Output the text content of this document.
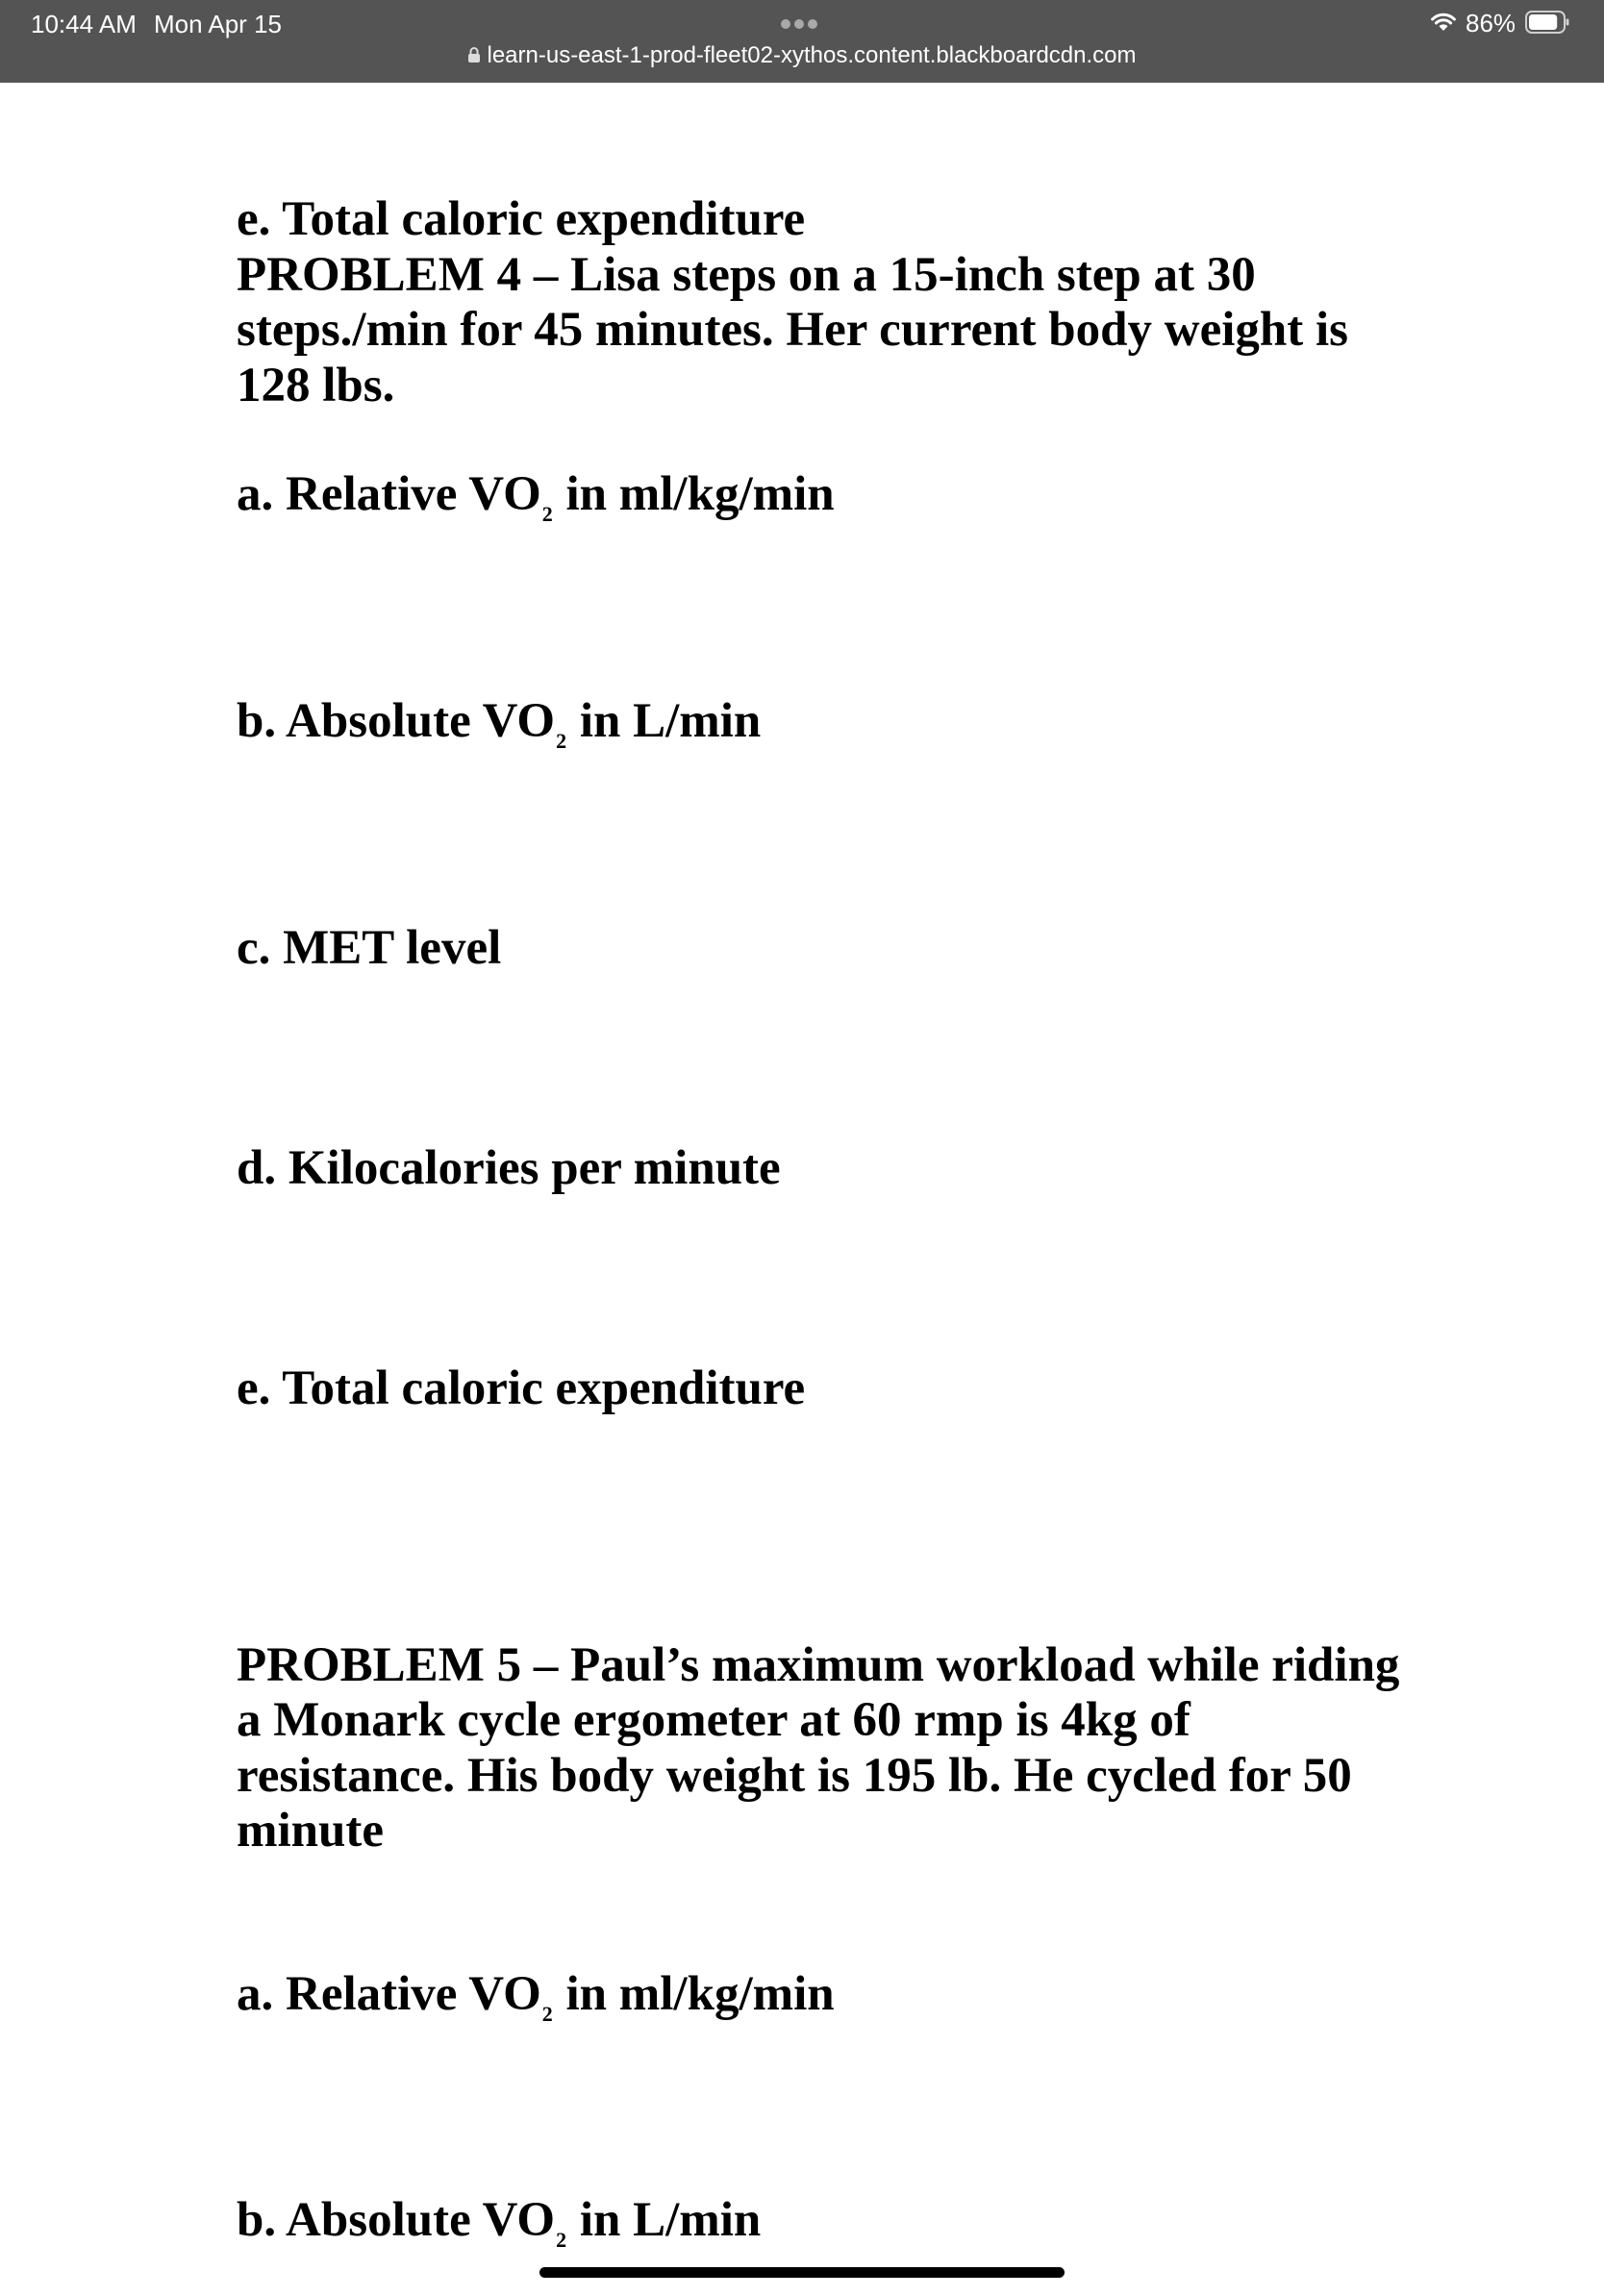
10:44 AM Mon Apr 15	86%
learn-us-east-1-prod-fleet02-xythos.content.blackboardcdn.com
e. Total caloric expenditure
PROBLEM 4 – Lisa steps on a 15-inch step at 30
steps./min for 45 minutes. Her current body weight is
128 lbs.
a. Relative $VO_2$ in ml/kg/min
b. Absolute $VO_2$ in L/min
c. MET level
d. Kilocalories per minute
e. Total caloric expenditure
PROBLEM 5 – Paul’s maximum workload while riding
a Monark cycle ergometer at 60 rmp is 4kg of
resistance. His body weight is 195 lb. He cycled for 50
minute
a. Relative $VO_2$ in ml/kg/min
b. Absolute $VO_2$ in L/min
